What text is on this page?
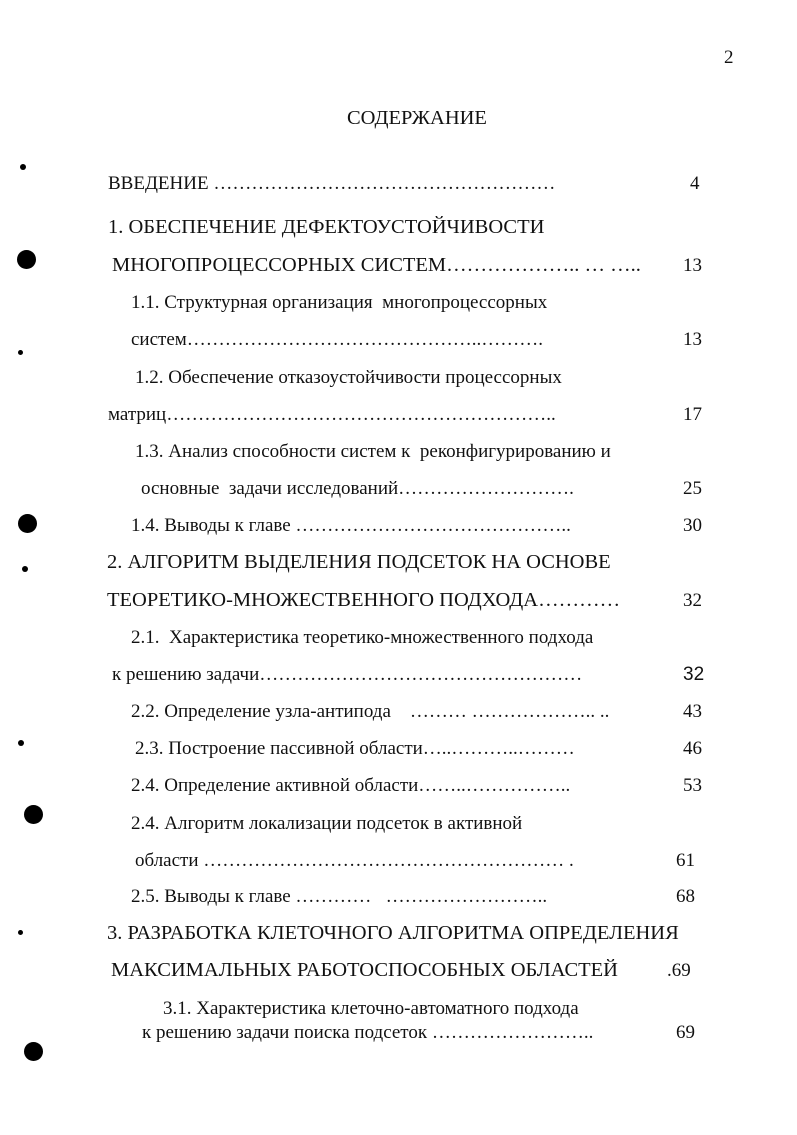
2
СОДЕРЖАНИЕ
ВВЕДЕНИЕ ………………………………………………	4
1. ОБЕСПЕЧЕНИЕ ДЕФЕКТОУСТОЙЧИВОСТИ
МНОГОПРОЦЕССОРНЫХ СИСТЕМ……………….. … ….. 13
1.1. Структурная организация  многопроцессорных
систем………………………………………..……….	13
1.2. Обеспечение отказоустойчивости процессорных
матриц……………………………………………………..	17
1.3. Анализ способности систем к  реконфигурированию и
основные  задачи исследований……………………….	25
1.4. Выводы к главе ……………………………………..	30
2. АЛГОРИТМ ВЫДЕЛЕНИЯ ПОДСЕТОК НА ОСНОВЕ
ТЕОРЕТИКО-МНОЖЕСТВЕННОГО ПОДХОДА…………	32
2.1.  Характеристика теоретико-множественного подхода
к решению задачи……………………………………………	32
2.2. Определение узла-антипода    ……… ……………….. ..	43
2.3. Построение пассивной области…..………..………	46
2.4. Определение активной области……..……………..	53
2.4. Алгоритм локализации подсеток в активной
области ………………………………………………… .	61
2.5. Выводы к главе …………   ……………………..	68
3. РАЗРАБОТКА КЛЕТОЧНОГО АЛГОРИТМА ОПРЕДЕЛЕНИЯ
МАКСИМАЛЬНЫХ РАБОТОСПОСОБНЫХ ОБЛАСТЕЙ	.69
3.1. Характеристика клеточно-автоматного подхода
к решению задачи поиска подсеток ……………………..	69
